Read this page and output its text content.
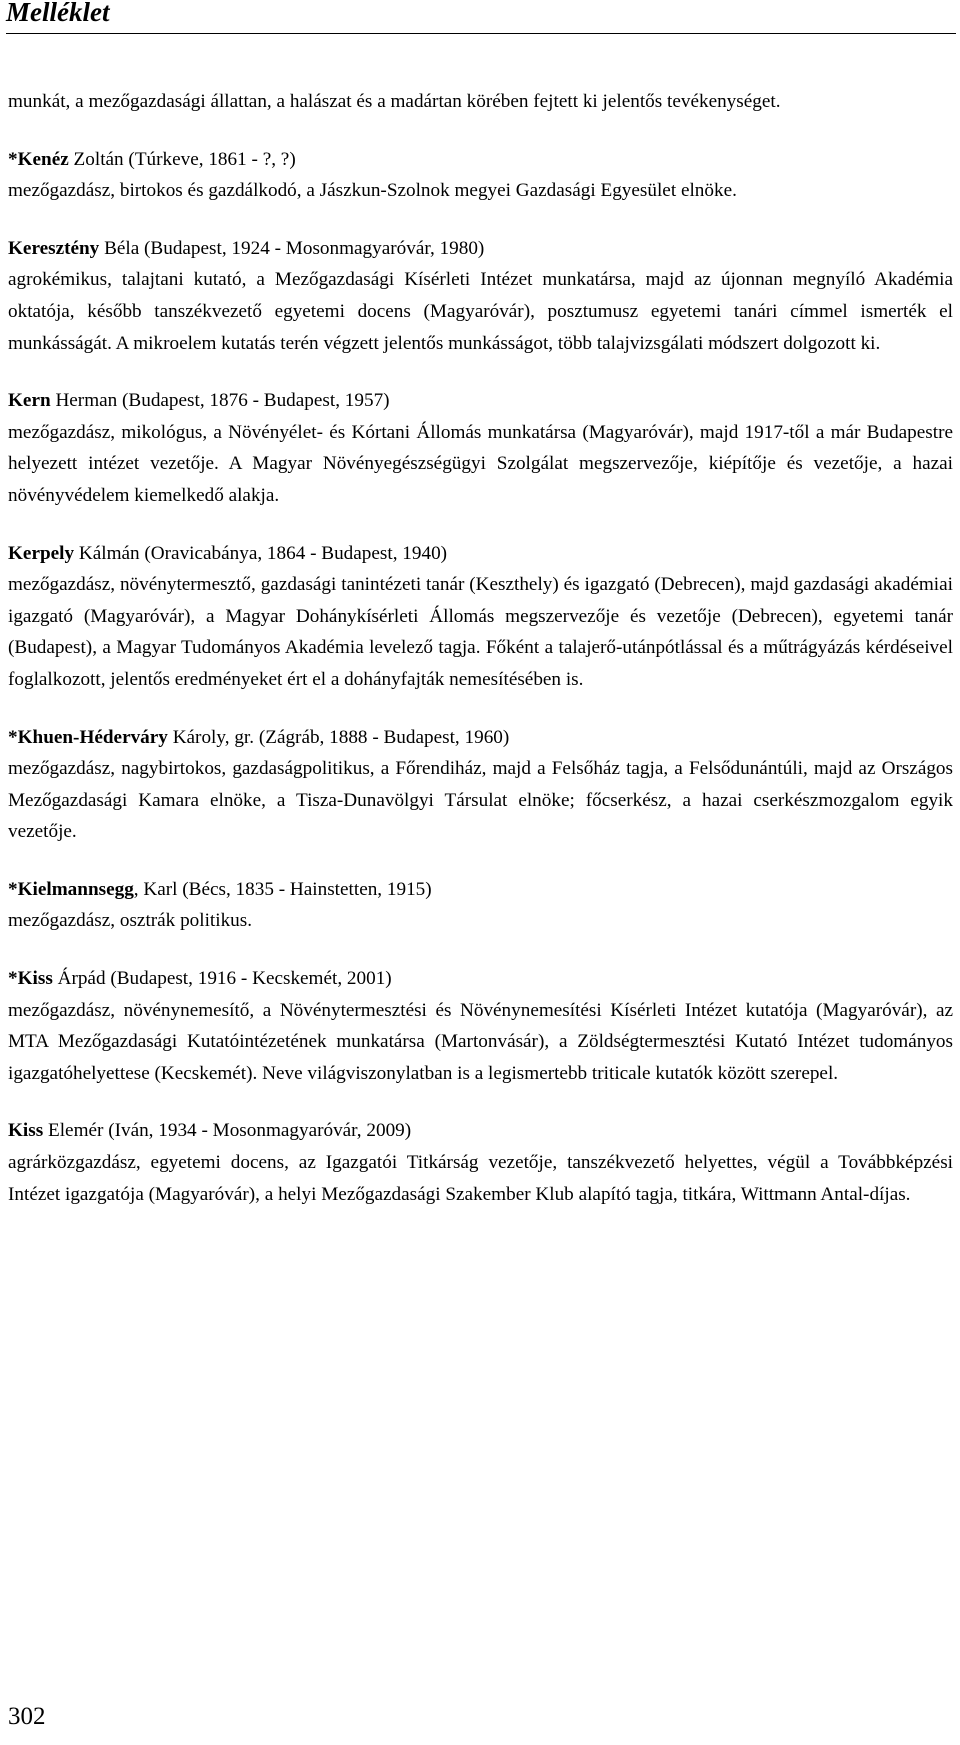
Melléklet

munkát, a mezőgazdasági állattan, a halászat és a madártan körében fejtett ki jelentős tevékenységet.

*Kenéz Zoltán (Túrkeve, 1861 - ?, ?)

mezőgazdász, birtokos és gazdálkodó, a Jászkun-Szolnok megyei Gazdasági Egyesület elnöke.

Keresztény Béla (Budapest, 1924 - Mosonmagyaróvár, 1980)

agrokémikus, talajtani kutató, a Mezőgazdasági Kísérleti Intézet munkatársa, majd az újonnan megnyíló Akadémia oktatója, később tanszékvezető egyetemi docens (Magyaróvár), posztumusz egyetemi tanári címmel ismerték el munkásságát. A mikroelem kutatás terén végzett jelentős munkásságot, több talajvizsgálati módszert dolgozott ki.

Kern Herman (Budapest, 1876 - Budapest, 1957)

mezőgazdász, mikológus, a Növényélet- és Kórtani Állomás munkatársa (Magyaróvár), majd 1917-től a már Budapestre helyezett intézet vezetője. A Magyar Növényegészségügyi Szolgálat megszervezője, kiépítője és vezetője, a hazai növényvédelem kiemelkedő alakja.

Kerpely Kálmán (Oravicabánya, 1864 - Budapest, 1940)

mezőgazdász, növénytermesztő, gazdasági tanintézeti tanár (Keszthely) és igazgató (Debrecen), majd gazdasági akadémiai igazgató (Magyaróvár), a Magyar Dohánykísérleti Állomás megszervezője és vezetője (Debrecen), egyetemi tanár (Budapest), a Magyar Tudományos Akadémia levelező tagja. Főként a talajerő-utánpótlással és a műtrágyázás kérdéseivel foglalkozott, jelentős eredményeket ért el a dohányfajták nemesítésében is.

*Khuen-Héderváry Károly, gr. (Zágráb, 1888 - Budapest, 1960)

mezőgazdász, nagybirtokos, gazdaságpolitikus, a Főrendiház, majd a Felsőház tagja, a Felsődunántúli, majd az Országos Mezőgazdasági Kamara elnöke, a Tisza-Dunavölgyi Társulat elnöke; főcserkész, a hazai cserkészmozgalom egyik vezetője.

*Kielmannsegg, Karl (Bécs, 1835 - Hainstetten, 1915)

mezőgazdász, osztrák politikus.

*Kiss Árpád (Budapest, 1916 - Kecskemét, 2001)

mezőgazdász, növénynemesítő, a Növénytermesztési és Növénynemesítési Kísérleti Intézet kutatója (Magyaróvár), az MTA Mezőgazdasági Kutatóintézetének munkatársa (Martonvásár), a Zöldségtermesztési Kutató Intézet tudományos igazgatóhelyettese (Kecskemét). Neve világviszonylatban is a legismertebb triticale kutatók között szerepel.

Kiss Elemér (Iván, 1934 - Mosonmagyaróvár, 2009)

agrárközgazdász, egyetemi docens, az Igazgatói Titkárság vezetője, tanszékvezető helyettes, végül a Továbbképzési Intézet igazgatója (Magyaróvár), a helyi Mezőgazdasági Szakember Klub alapító tagja, titkára, Wittmann Antal-díjas.

302
